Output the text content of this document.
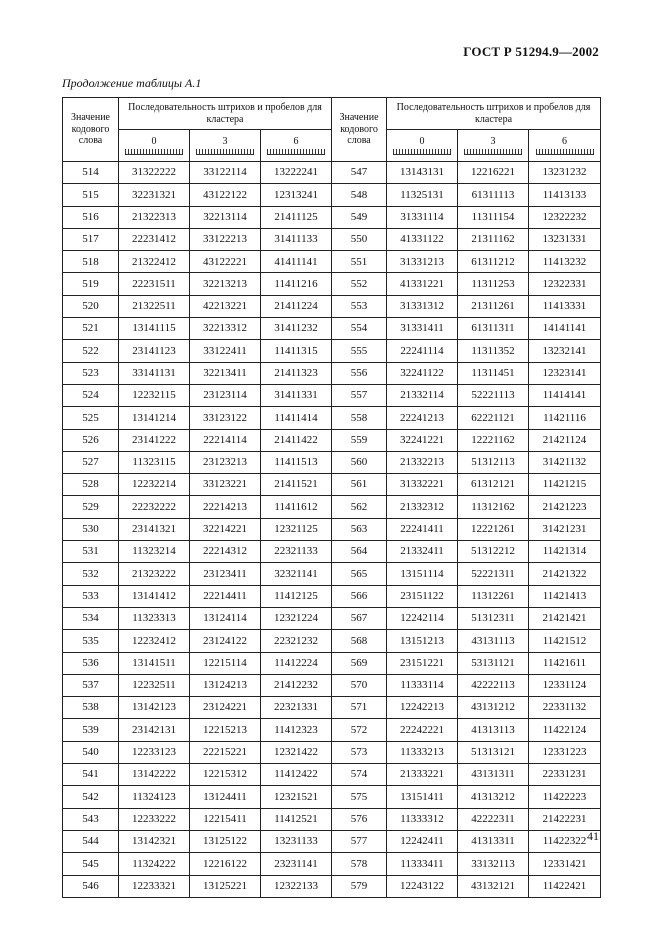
ГОСТ Р 51294.9—2002
Продолжение таблицы А.1
Значение кодового слова	Последовательность штрихов и пробелов для кластера			Значение кодового слова	Последовательность штрихов и пробелов для кластера		
	0	3	6		0	3	6

514	31322222	33122114	13222241	547	13143131	12216221	13231232
515	32231321	43122122	12313241	548	11325131	61311113	11413133
516	21322313	32213114	21411125	549	31331114	11311154	12322232
517	22231412	33122213	31411133	550	41331122	21311162	13231331
518	21322412	43122221	41411141	551	31331213	61311212	11413232
519	22231511	32213213	11411216	552	41331221	11311253	12322331
520	21322511	42213221	21411224	553	31331312	21311261	11413331
521	13141115	32213312	31411232	554	31331411	61311311	14141141
522	23141123	33122411	11411315	555	22241114	11311352	13232141
523	33141131	32213411	21411323	556	32241122	11311451	12323141
524	12232115	23123114	31411331	557	21332114	52221113	11414141
525	13141214	33123122	11411414	558	22241213	62221121	11421116
526	23141222	22214114	21411422	559	32241221	12221162	21421124
527	11323115	23123213	11411513	560	21332213	51312113	31421132
528	12232214	33123221	21411521	561	31332221	61312121	11421215
529	22232222	22214213	11411612	562	21332312	11312162	21421223
530	23141321	32214221	12321125	563	22241411	12221261	31421231
531	11323214	22214312	22321133	564	21332411	51312212	11421314
532	21323222	23123411	32321141	565	13151114	52221311	21421322
533	13141412	22214411	11412125	566	23151122	11312261	11421413
534	11323313	13124114	12321224	567	12242114	51312311	21421421
535	12232412	23124122	22321232	568	13151213	43131113	11421512
536	13141511	12215114	11412224	569	23151221	53131121	11421611
537	12232511	13124213	21412232	570	11333114	42222113	12331124
538	13142123	23124221	22321331	571	12242213	43131212	22331132
539	23142131	12215213	11412323	572	22242221	41313113	11422124
540	12233123	22215221	12321422	573	11333213	51313121	12331223
541	13142222	12215312	11412422	574	21333221	43131311	22331231
542	11324123	13124411	12321521	575	13151411	41313212	11422223
543	12233222	12215411	11412521	576	11333312	42222311	21422231
544	13142321	13125122	13231133	577	12242411	41313311	11422322
545	11324222	12216122	23231141	578	11333411	33132113	12331421
546	12233321	13125221	12322133	579	12243122	43132121	11422421
41
